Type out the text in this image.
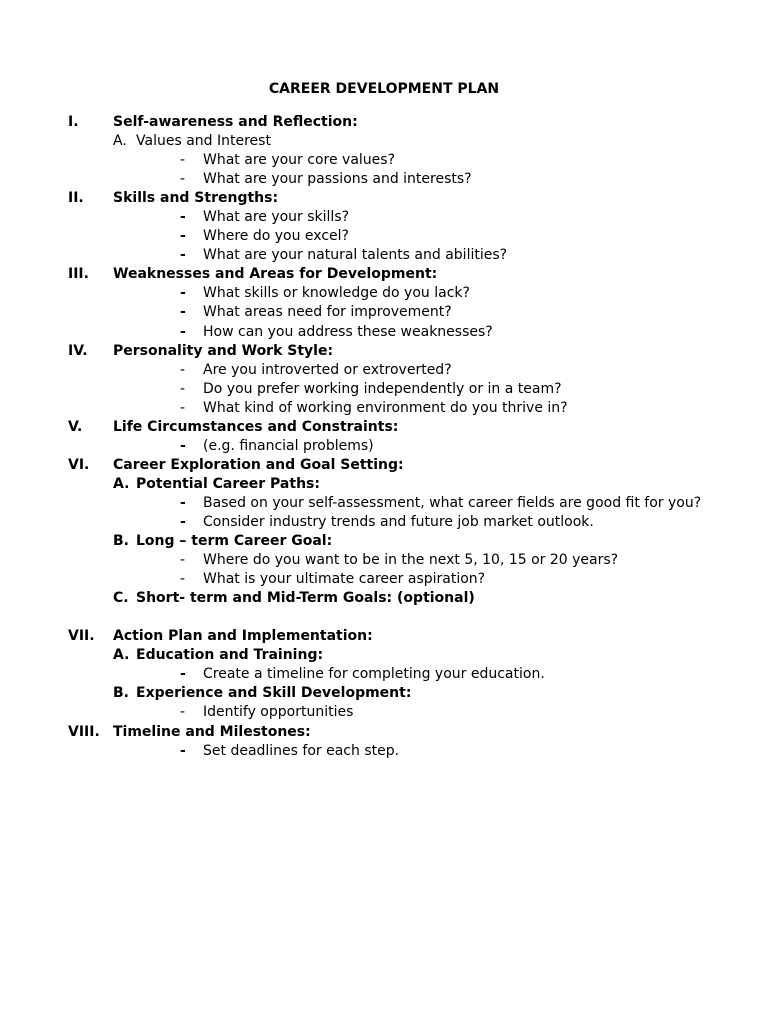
CAREER DEVELOPMENT PLAN
I. Self-awareness and Reflection:
A. Values and Interest
- What are your core values?
- What are your passions and interests?
II. Skills and Strengths:
- What are your skills?
- Where do you excel?
- What are your natural talents and abilities?
III. Weaknesses and Areas for Development:
- What skills or knowledge do you lack?
- What areas need for improvement?
- How can you address these weaknesses?
IV. Personality and Work Style:
- Are you introverted or extroverted?
- Do you prefer working independently or in a team?
- What kind of working environment do you thrive in?
V. Life Circumstances and Constraints:
- (e.g. financial problems)
VI. Career Exploration and Goal Setting:
A. Potential Career Paths:
- Based on your self-assessment, what career fields are good fit for you?
- Consider industry trends and future job market outlook.
B. Long – term Career Goal:
- Where do you want to be in the next 5, 10, 15 or 20 years?
- What is your ultimate career aspiration?
C. Short- term and Mid-Term Goals: (optional)
VII. Action Plan and Implementation:
A. Education and Training:
- Create a timeline for completing your education.
B. Experience and Skill Development:
- Identify opportunities
VIII. Timeline and Milestones:
- Set deadlines for each step.
